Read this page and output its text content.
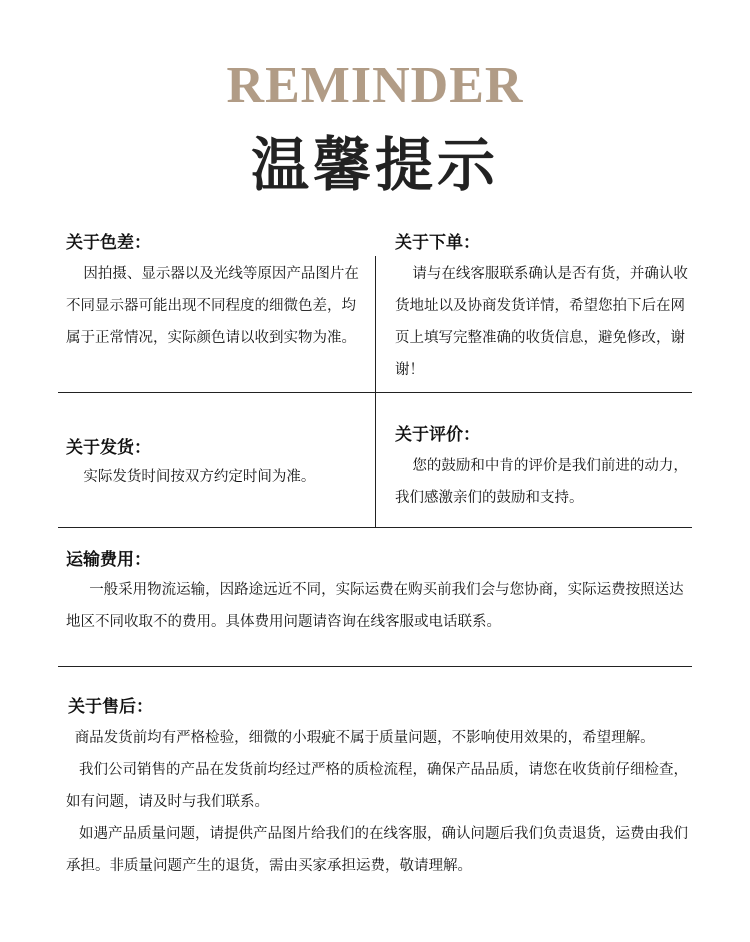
REMINDER
温馨提示
关于色差：

因拍摄、显示器以及光线等原因产品图片在不同显示器可能出现不同程度的细微色差，均属于正常情况，实际颜色请以收到实物为准。

关于下单：

请与在线客服联系确认是否有货，并确认收货地址以及协商发货详情，希望您拍下后在网页上填写完整准确的收货信息，避免修改，谢谢！

关于发货：

实际发货时间按双方约定时间为准。

关于评价：

您的鼓励和中肯的评价是我们前进的动力，我们感激亲们的鼓励和支持。

运输费用：

一般采用物流运输，因路途远近不同，实际运费在购买前我们会与您协商，实际运费按照送达地区不同收取不的费用。具体费用问题请咨询在线客服或电话联系。

关于售后：

商品发货前均有严格检验，细微的小瑕疵不属于质量问题，不影响使用效果的，希望理解。

我们公司销售的产品在发货前均经过严格的质检流程，确保产品品质，请您在收货前仔细检查，如有问题，请及时与我们联系。

如遇产品质量问题，请提供产品图片给我们的在线客服，确认问题后我们负责退货，运费由我们承担。非质量问题产生的退货，需由买家承担运费，敬请理解。
